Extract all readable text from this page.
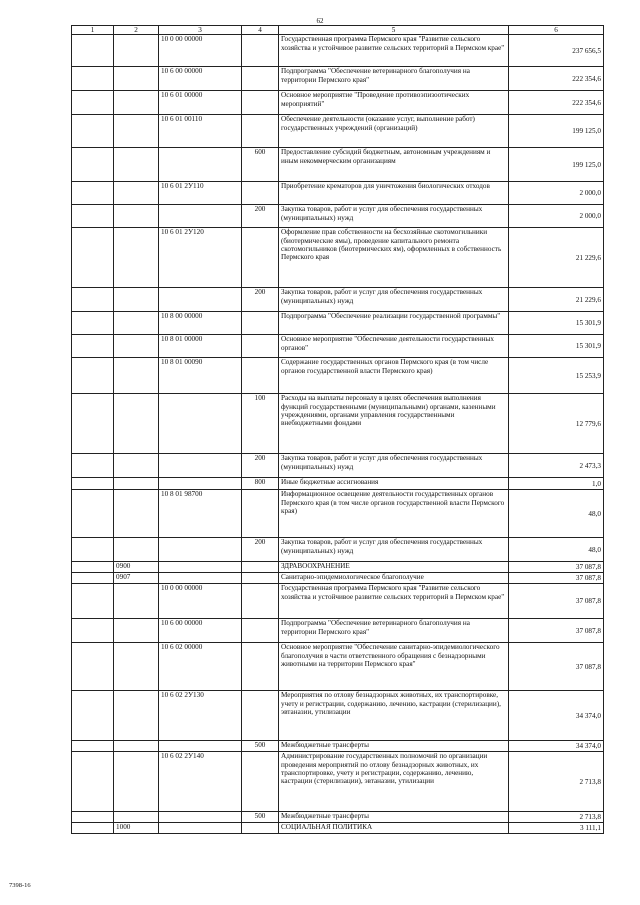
62
1	2	3	4	5	6
		10 0 00 00000		Государственная программа Пермского края "Развитие сельского хозяйства и устойчивое развитие сельских территорий в Пермском крае"	237 656,5
		10 6 00 00000		Подпрограмма "Обеспечение ветеринарного благополучия на территории Пермского края"	222 354,6
		10 6 01 00000		Основное мероприятие "Проведение противоэпизоотических мероприятий"	222 354,6
		10 6 01 00110		Обеспечение деятельности (оказание услуг, выполнение работ) государственных учреждений (организаций)	199 125,0
			600	Предоставление субсидий бюджетным, автономным учреждениям и иным некоммерческим организациям	199 125,0
		10 6 01 2У110		Приобретение крематоров для уничтожения биологических отходов	2 000,0
			200	Закупка товаров, работ и услуг для обеспечения государственных (муниципальных) нужд	2 000,0
		10 6 01 2У120		Оформление прав собственности на бесхозяйные скотомогильники (биотермические ямы), проведение капитального ремонта скотомогильников (биотермических ям), оформленных в собственность Пермского края	21 229,6
			200	Закупка товаров, работ и услуг для обеспечения государственных (муниципальных) нужд	21 229,6
		10 8 00 00000		Подпрограмма "Обеспечение реализации государственной программы"	15 301,9
		10 8 01 00000		Основное мероприятие "Обеспечение деятельности государственных органов"	15 301,9
		10 8 01 00090		Содержание государственных органов Пермского края (в том числе органов государственной власти Пермского края)	15 253,9
			100	Расходы на выплаты персоналу в целях обеспечения выполнения функций государственными (муниципальными) органами, казенными учреждениями, органами управления государственными внебюджетными фондами	12 779,6
			200	Закупка товаров, работ и услуг для обеспечения государственных (муниципальных) нужд	2 473,3
			800	Иные бюджетные ассигнования	1,0
		10 8 01 98700		Информационное освещение деятельности государственных органов Пермского края (в том числе органов государственной власти Пермского края)	48,0
			200	Закупка товаров, работ и услуг для обеспечения государственных (муниципальных) нужд	48,0
	0900			ЗДРАВООХРАНЕНИЕ	37 087,8
	0907			Санитарно-эпидемиологическое благополучие	37 087,8
		10 0 00 00000		Государственная программа Пермского края "Развитие сельского хозяйства и устойчивое развитие сельских территорий в Пермском крае"	37 087,8
		10 6 00 00000		Подпрограмма "Обеспечение ветеринарного благополучия на территории Пермского края"	37 087,8
		10 6 02 00000		Основное мероприятие "Обеспечение санитарно-эпидемиологического благополучия в части ответственного обращения с безнадзорными животными на территории Пермского края"	37 087,8
		10 6 02 2У130		Мероприятия по отлову безнадзорных животных, их транспортировке, учету и регистрации, содержанию, лечению, кастрации (стерилизации), эвтаназии, утилизации	34 374,0
			500	Межбюджетные трансферты	34 374,0
		10 6 02 2У140		Администрирование государственных полномочий по организации проведения мероприятий по отлову безнадзорных животных, их транспортировке, учету и регистрации, содержанию, лечению, кастрации (стерилизации), эвтаназии, утилизации	2 713,8
			500	Межбюджетные трансферты	2 713,8
	1000			СОЦИАЛЬНАЯ ПОЛИТИКА	3 111,1
7398-16
